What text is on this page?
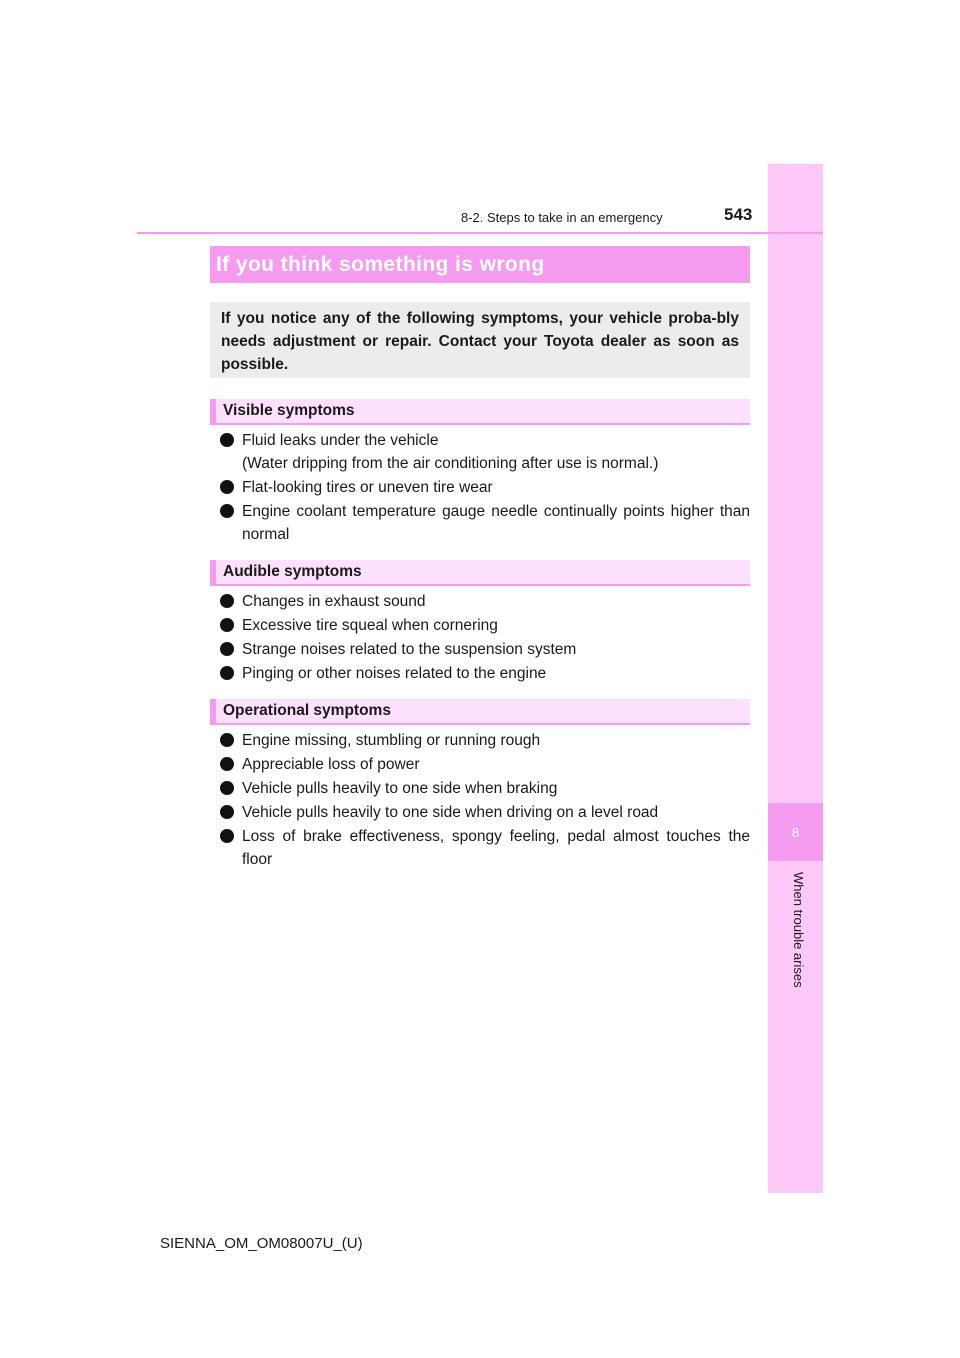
8
When trouble arises
8-2. Steps to take in an emergency	543
If you think something is wrong
If you notice any of the following symptoms, your vehicle proba-bly needs adjustment or repair. Contact your Toyota dealer as soon as possible.
Visible symptoms
Fluid leaks under the vehicle
(Water dripping from the air conditioning after use is normal.)
Flat-looking tires or uneven tire wear
Engine coolant temperature gauge needle continually points higher than normal
Audible symptoms
Changes in exhaust sound
Excessive tire squeal when cornering
Strange noises related to the suspension system
Pinging or other noises related to the engine
Operational symptoms
Engine missing, stumbling or running rough
Appreciable loss of power
Vehicle pulls heavily to one side when braking
Vehicle pulls heavily to one side when driving on a level road
Loss of brake effectiveness, spongy feeling, pedal almost touches the floor
SIENNA_OM_OM08007U_(U)
